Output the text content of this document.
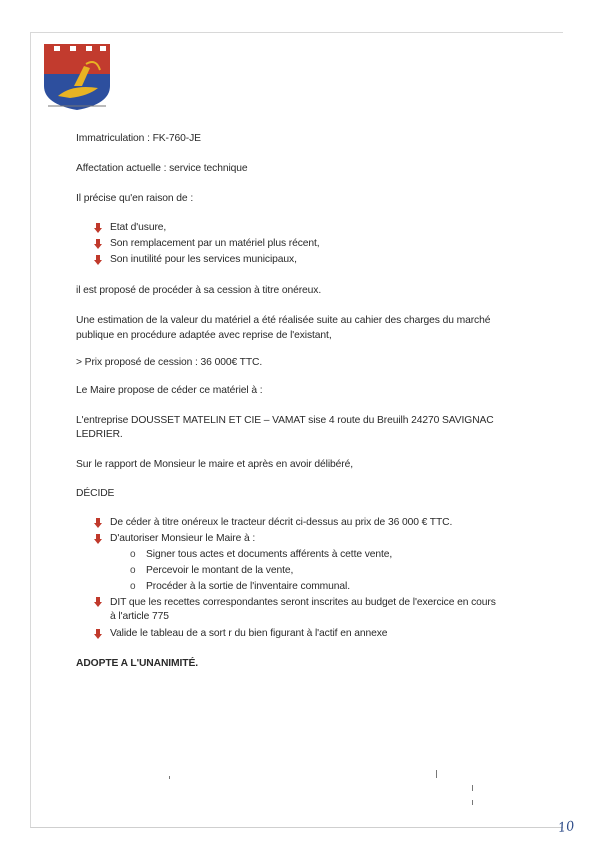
Immatriculation : FK-760-JE
Affectation actuelle : service technique
Il précise qu'en raison de :
Etat d'usure,
Son remplacement par un matériel plus récent,
Son inutilité pour les services municipaux,
il est proposé de procéder à sa cession à titre onéreux.
Une estimation de la valeur du matériel a été réalisée suite au cahier des charges du marché
publique en procédure adaptée avec reprise de l'existant,
> Prix proposé de cession : 36 000€ TTC.
Le Maire propose de céder ce matériel à :
L'entreprise DOUSSET MATELIN ET CIE – VAMAT sise 4 route du Breuilh 24270 SAVIGNAC
LEDRIER.
Sur le rapport de Monsieur le maire et après en avoir délibéré,
DÉCIDE
De céder à titre onéreux le tracteur décrit ci-dessus au prix de 36 000 € TTC.
D'autoriser Monsieur le Maire à :
o Signer tous actes et documents afférents à cette vente,
o Percevoir le montant de la vente,
o Procéder à la sortie de l'inventaire communal.
DIT que les recettes correspondantes seront inscrites au budget de l'exercice en cours
à l'article 775
Valide le tableau de a sort r du bien figurant à l'actif en annexe
ADOPTE A L'UNANIMITÉ.
10
